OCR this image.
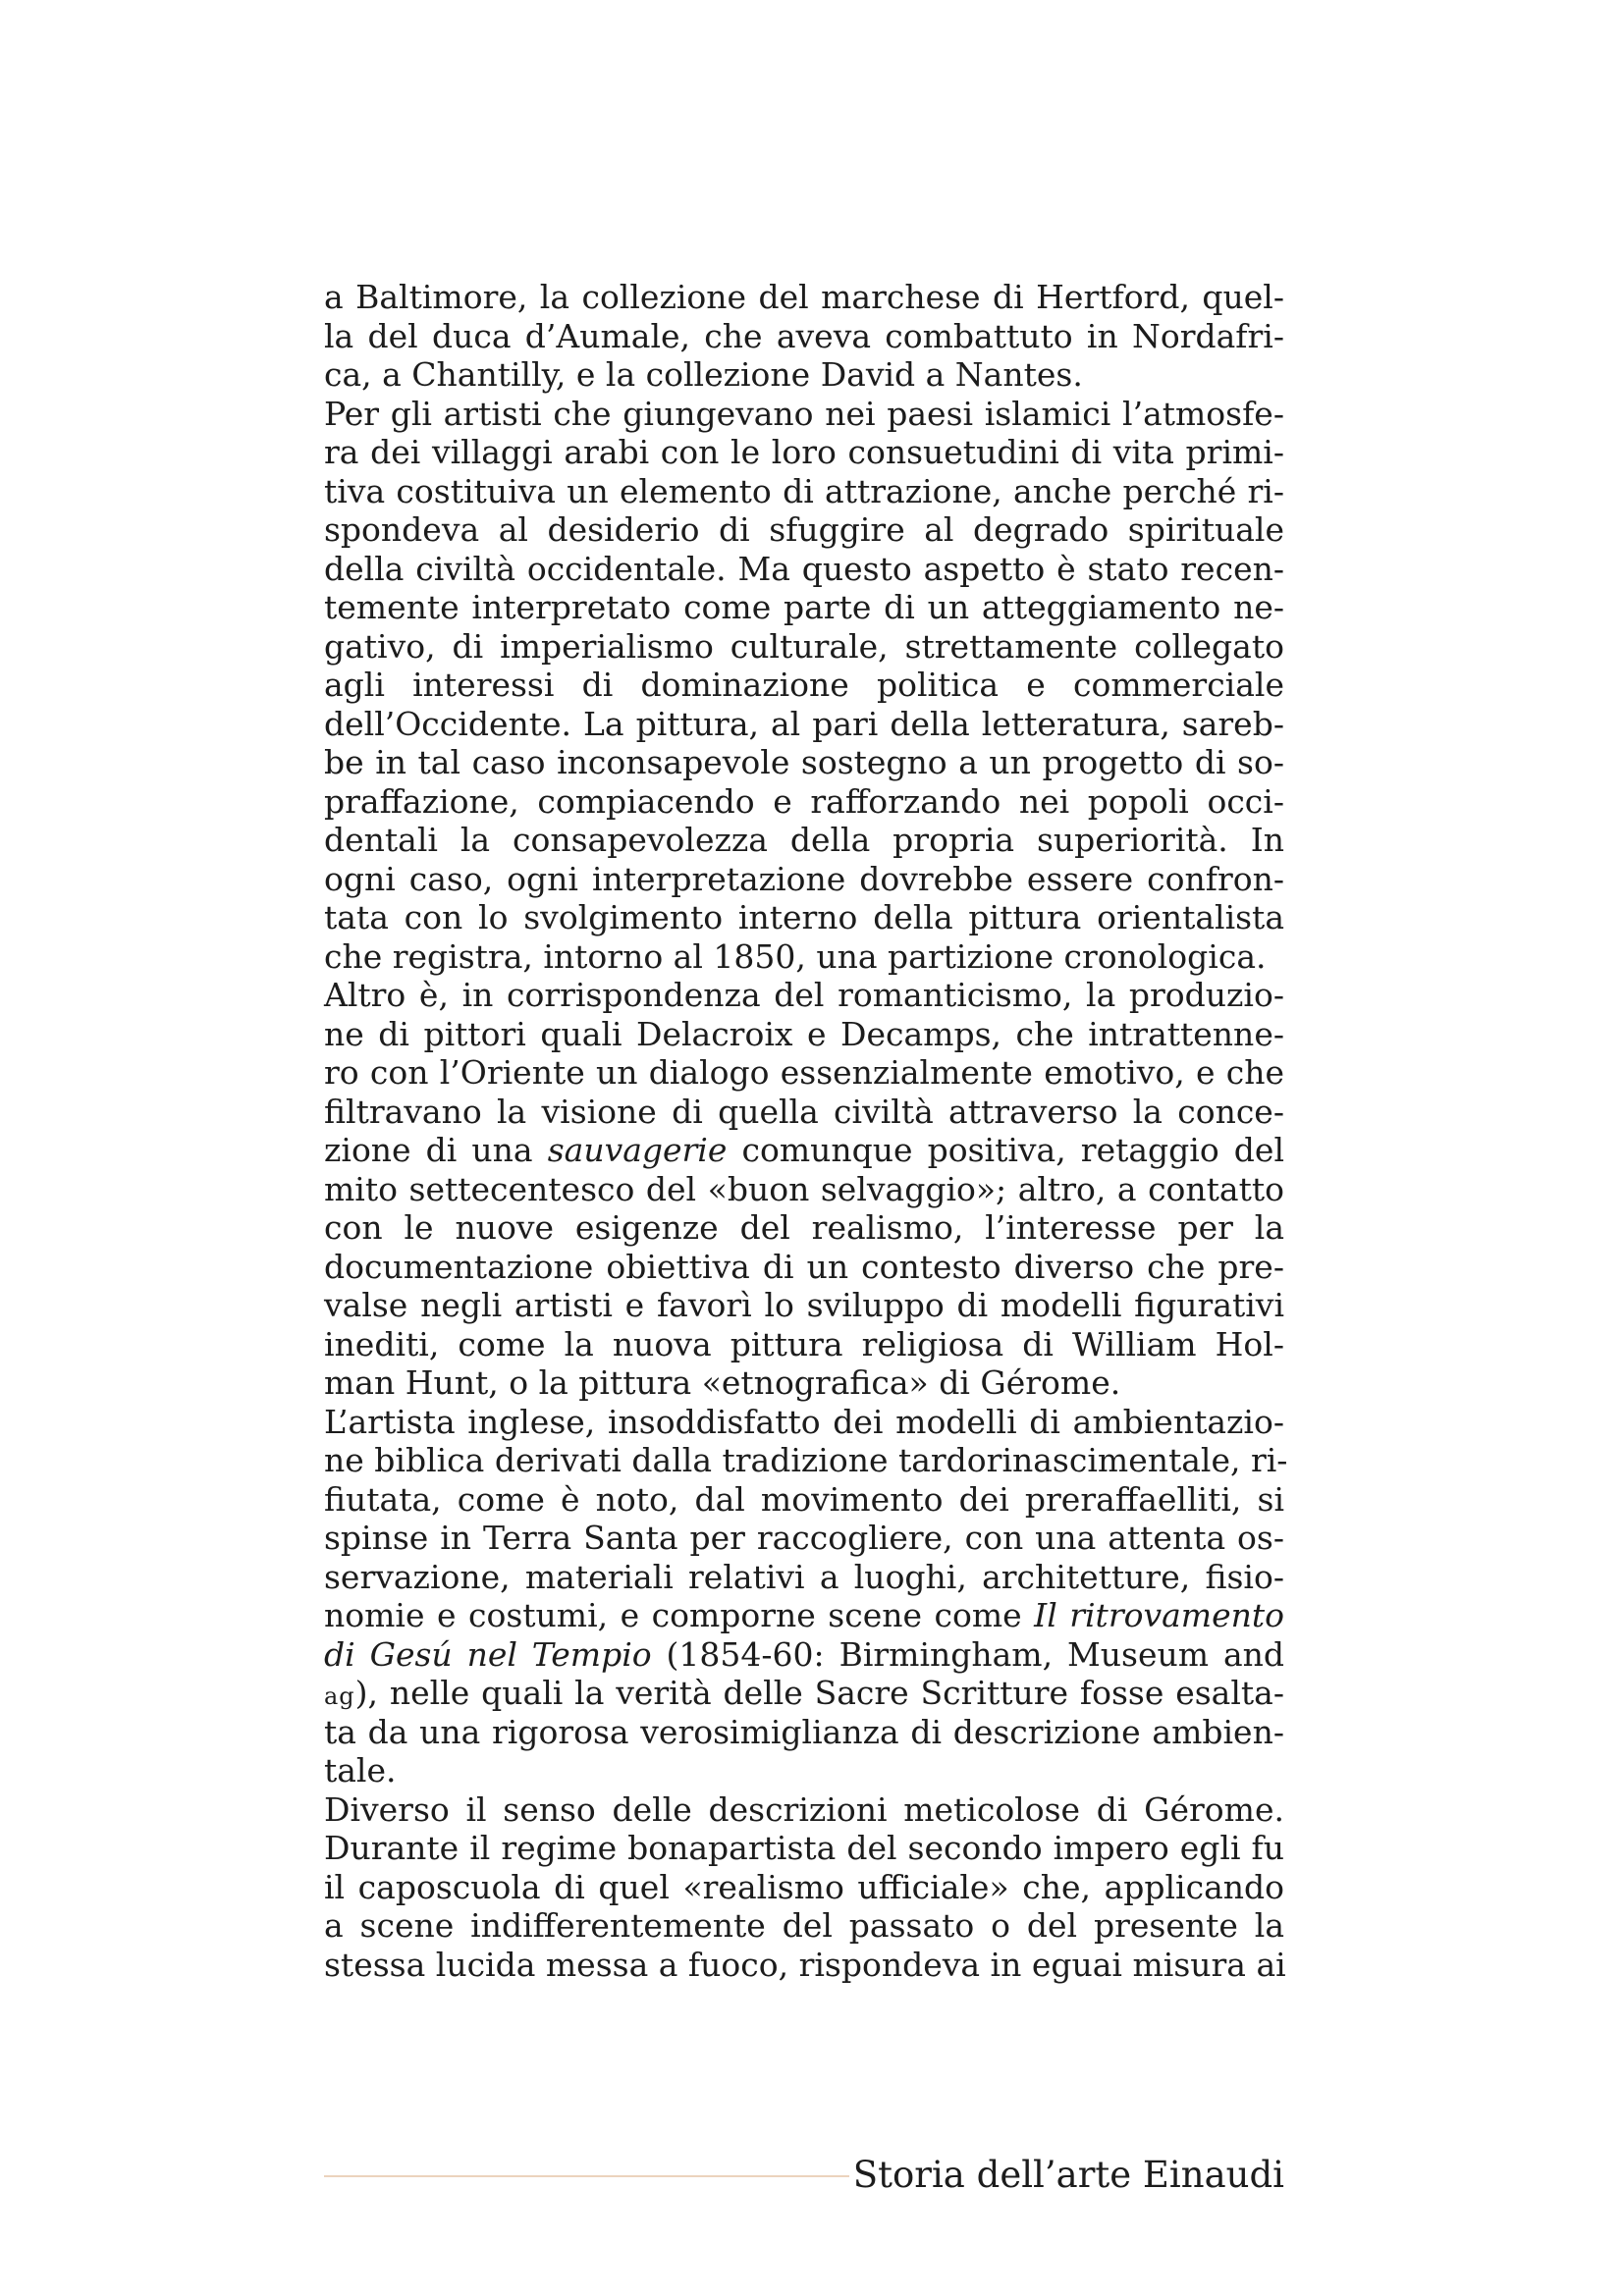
a Baltimore, la collezione del marchese di Hertford, quel-
la del duca d’Aumale, che aveva combattuto in Nordafri-
ca, a Chantilly, e la collezione David a Nantes.
Per gli artisti che giungevano nei paesi islamici l’atmosfe-
ra dei villaggi arabi con le loro consuetudini di vita primi-
tiva costituiva un elemento di attrazione, anche perché ri-
spondeva al desiderio di sfuggire al degrado spirituale
della civiltà occidentale. Ma questo aspetto è stato recen-
temente interpretato come parte di un atteggiamento ne-
gativo, di imperialismo culturale, strettamente collegato
agli interessi di dominazione politica e commerciale
dell’Occidente. La pittura, al pari della letteratura, sareb-
be in tal caso inconsapevole sostegno a un progetto di so-
praffazione, compiacendo e rafforzando nei popoli occi-
dentali la consapevolezza della propria superiorità. In
ogni caso, ogni interpretazione dovrebbe essere confron-
tata con lo svolgimento interno della pittura orientalista
che registra, intorno al 1850, una partizione cronologica.
Altro è, in corrispondenza del romanticismo, la produzio-
ne di pittori quali Delacroix e Decamps, che intrattenne-
ro con l’Oriente un dialogo essenzialmente emotivo, e che
filtravano la visione di quella civiltà attraverso la conce-
zione di una sauvagerie comunque positiva, retaggio del
mito settecentesco del «buon selvaggio»; altro, a contatto
con le nuove esigenze del realismo, l’interesse per la
documentazione obiettiva di un contesto diverso che pre-
valse negli artisti e favorì lo sviluppo di modelli figurativi
inediti, come la nuova pittura religiosa di William Hol-
man Hunt, o la pittura «etnografica» di Gérome.
L’artista inglese, insoddisfatto dei modelli di ambientazio-
ne biblica derivati dalla tradizione tardorinascimentale, ri-
fiutata, come è noto, dal movimento dei preraffaelliti, si
spinse in Terra Santa per raccogliere, con una attenta os-
servazione, materiali relativi a luoghi, architetture, fisio-
nomie e costumi, e comporne scene come Il ritrovamento
di Gesú nel Tempio (1854-60: Birmingham, Museum and
ag), nelle quali la verità delle Sacre Scritture fosse esalta-
ta da una rigorosa verosimiglianza di descrizione ambien-
tale.
Diverso il senso delle descrizioni meticolose di Gérome.
Durante il regime bonapartista del secondo impero egli fu
il caposcuola di quel «realismo ufficiale» che, applicando
a scene indifferentemente del passato o del presente la
stessa lucida messa a fuoco, rispondeva in eguai misura ai
Storia dell’arte Einaudi
